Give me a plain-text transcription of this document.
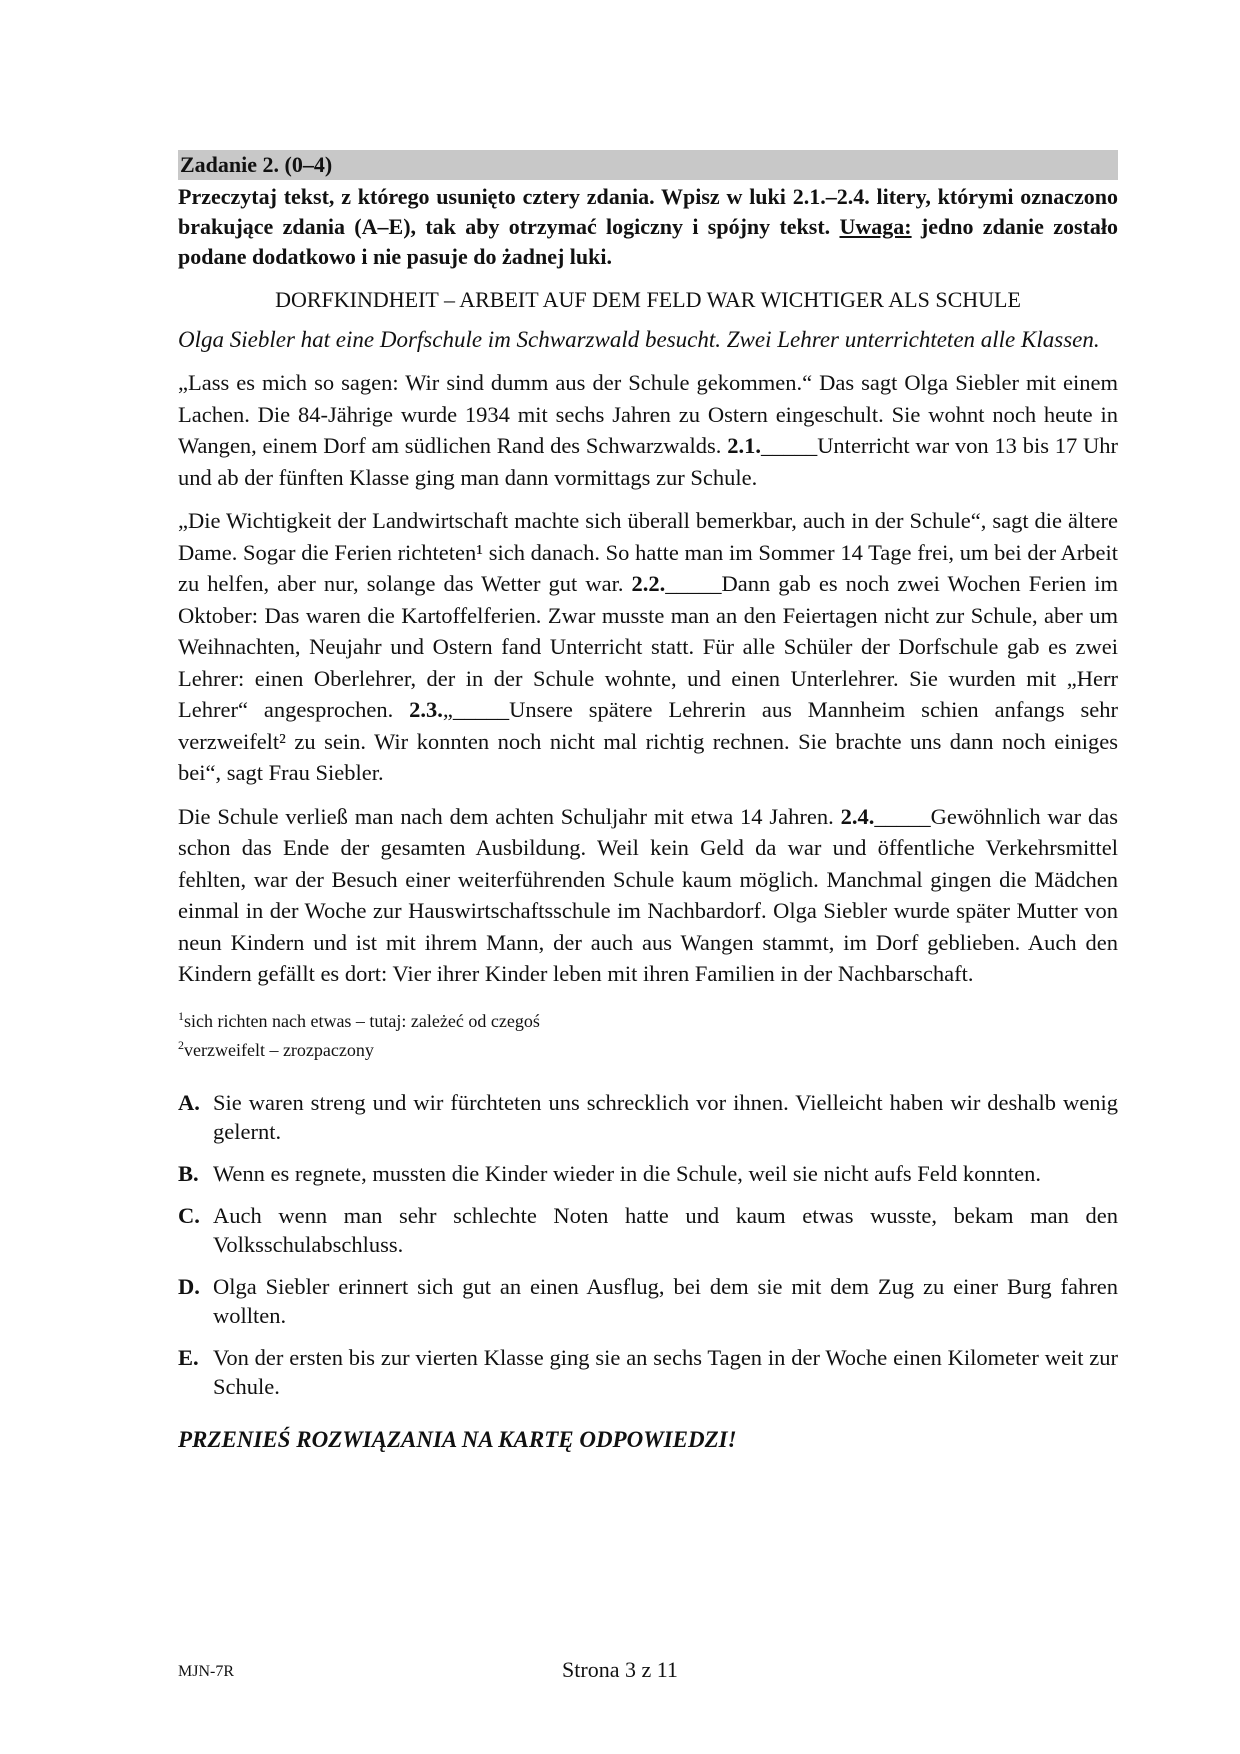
Zadanie 2. (0–4)
Przeczytaj tekst, z którego usunięto cztery zdania. Wpisz w luki 2.1.–2.4. litery, którymi oznaczono brakujące zdania (A–E), tak aby otrzymać logiczny i spójny tekst. Uwaga: jedno zdanie zostało podane dodatkowo i nie pasuje do żadnej luki.
DORFKINDHEIT – ARBEIT AUF DEM FELD WAR WICHTIGER ALS SCHULE
Olga Siebler hat eine Dorfschule im Schwarzwald besucht. Zwei Lehrer unterrichteten alle Klassen.
„Lass es mich so sagen: Wir sind dumm aus der Schule gekommen.“ Das sagt Olga Siebler mit einem Lachen. Die 84-Jährige wurde 1934 mit sechs Jahren zu Ostern eingeschult. Sie wohnt noch heute in Wangen, einem Dorf am südlichen Rand des Schwarzwalds. 2.1._____Unterricht war von 13 bis 17 Uhr und ab der fünften Klasse ging man dann vormittags zur Schule.
„Die Wichtigkeit der Landwirtschaft machte sich überall bemerkbar, auch in der Schule“, sagt die ältere Dame. Sogar die Ferien richteten¹ sich danach. So hatte man im Sommer 14 Tage frei, um bei der Arbeit zu helfen, aber nur, solange das Wetter gut war. 2.2._____Dann gab es noch zwei Wochen Ferien im Oktober: Das waren die Kartoffelferien. Zwar musste man an den Feiertagen nicht zur Schule, aber um Weihnachten, Neujahr und Ostern fand Unterricht statt. Für alle Schüler der Dorfschule gab es zwei Lehrer: einen Oberlehrer, der in der Schule wohnte, und einen Unterlehrer. Sie wurden mit „Herr Lehrer“ angesprochen. 2.3.„_____Unsere spätere Lehrerin aus Mannheim schien anfangs sehr verzweifelt² zu sein. Wir konnten noch nicht mal richtig rechnen. Sie brachte uns dann noch einiges bei“, sagt Frau Siebler.
Die Schule verließ man nach dem achten Schuljahr mit etwa 14 Jahren. 2.4._____Gewöhnlich war das schon das Ende der gesamten Ausbildung. Weil kein Geld da war und öffentliche Verkehrsmittel fehlten, war der Besuch einer weiterführenden Schule kaum möglich. Manchmal gingen die Mädchen einmal in der Woche zur Hauswirtschaftsschule im Nachbardorf. Olga Siebler wurde später Mutter von neun Kindern und ist mit ihrem Mann, der auch aus Wangen stammt, im Dorf geblieben. Auch den Kindern gefällt es dort: Vier ihrer Kinder leben mit ihren Familien in der Nachbarschaft.
$^1$sich richten nach etwas – tutaj: zależeć od czegoś
$^2$verzweifelt – zrozpaczony
A. Sie waren streng und wir fürchteten uns schrecklich vor ihnen. Vielleicht haben wir deshalb wenig gelernt.
B. Wenn es regnete, mussten die Kinder wieder in die Schule, weil sie nicht aufs Feld konnten.
C. Auch wenn man sehr schlechte Noten hatte und kaum etwas wusste, bekam man den Volksschulabschluss.
D. Olga Siebler erinnert sich gut an einen Ausflug, bei dem sie mit dem Zug zu einer Burg fahren wollten.
E. Von der ersten bis zur vierten Klasse ging sie an sechs Tagen in der Woche einen Kilometer weit zur Schule.
PRZENIEŚ ROZWIĄZANIA NA KARTĘ ODPOWIEDZI!
MJN-7R	Strona 3 z 11
